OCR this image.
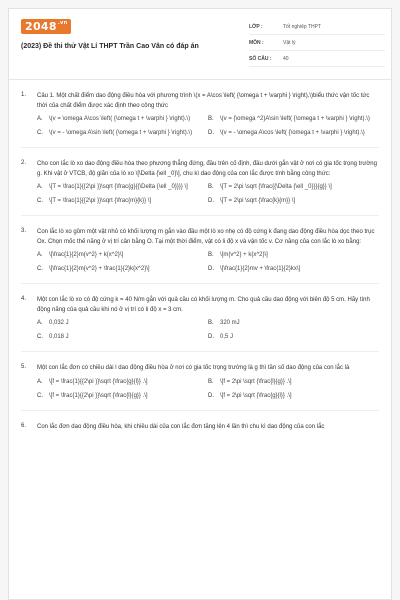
$2048^{.vn}$
(2023) Đề thi thử Vật Lí THPT Trần Cao Vân có đáp án
LỚP :	Tốt nghiệp THPT
MÔN :	Vật lý
SỐ CÂU :	40
1.	Câu 1. Một chất điểm dao động điều hòa với phương trình \(x = A\cos \left( {\omega t + \varphi } \right),\)biểu thức vận tốc tức thời của chất điểm được xác định theo công thức
A.	\(v = \omega A\cos \left( {\omega t + \varphi } \right).\)	B.	\(v = {\omega ^2}A\sin \left( {\omega t + \varphi } \right).\)
C.	\(v = - \omega A\sin \left( {\omega t + \varphi } \right).\)	D.	\(v = - \omega A\cos \left( {\omega t + \varphi } \right).\)
2.	Cho con lắc lò xo dao động điều hòa theo phương thẳng đứng, đầu trên cố định, đầu dưới gắn vật ở nơi có gia tốc trọng trường g. Khi vật ở VTCB, độ giãn của lò xo \[\Delta {\ell _0}\], chu kì dao động của con lắc được tính bằng công thức:
A.	\[T = \frac{1}{{2\pi }}\sqrt {\frac{g}{{\Delta {\ell _0}}}} \]	B.	\[T = 2\pi \sqrt {\frac{{\Delta {\ell _0}}}{g}} \]
C.	\[T = \frac{1}{{2\pi }}\sqrt {\frac{m}{k}} \]	D.	\[T = 2\pi \sqrt {\frac{k}{m}} \]
3.	Con lắc lò xo gồm một vật nhỏ có khối lượng m gắn vào đầu một lò xo nhẹ có độ cứng k đang dao động điều hòa dọc theo trục Ox. Chọn mốc thế năng ở vị trí cân bằng O. Tại một thời điểm, vật có li độ x và vận tốc v. Cơ năng của con lắc lò xo bằng:
A.	\[\frac{1}{2}m{v^2} + k{x^2}\]	B.	\[m{v^2} + k{x^2}\]
C.	\[\frac{1}{2}m{v^2} + \frac{1}{2}k{x^2}\]	D.	\[\frac{1}{2}mv + \frac{1}{2}kx\]
4.	Một con lắc lò xo có độ cứng k = 40 N/m gắn với quả cầu có khối lượng m. Cho quả cầu dao động với biên độ 5 cm. Hãy tính động năng của quả cầu khi nó ở vị trí có li độ x = 3 cm.
A.	0,032 J	B.	320 mJ
C.	0,018 J	D.	0,5 J
5.	Một con lắc đơn có chiều dài l dao động điều hòa ở nơi có gia tốc trọng trường là g thì tần số dao động của con lắc là
A.	\[f = \frac{1}{{2\pi }}\sqrt {\frac{g}{l}} .\]	B.	\[f = 2\pi \sqrt {\frac{l}{g}} .\]
C.	\[f = \frac{1}{{2\pi }}\sqrt {\frac{l}{g}} .\]	D.	\[f = 2\pi \sqrt {\frac{g}{l}} .\]
6.	Con lắc đơn dao động điều hòa, khi chiều dài của con lắc đơn tăng lên 4 lần thì chu kì dao động của con lắc
